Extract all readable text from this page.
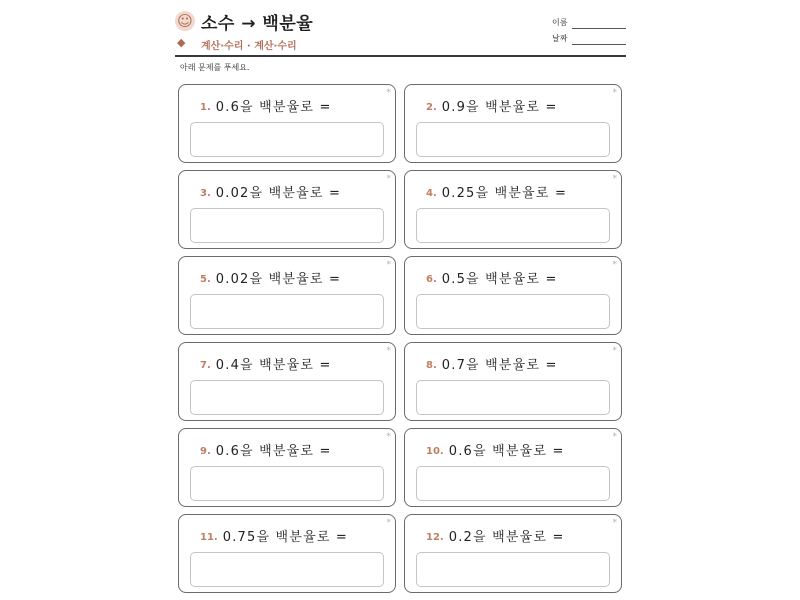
☺ 소수 → 백분율
◆ 계산·수리 · 계산·수리
이름
날짜
아래 문제를 푸세요.
*
1. 0.6을 백분율로 =
*
2. 0.9을 백분율로 =
*
3. 0.02을 백분율로 =
*
4. 0.25을 백분율로 =
*
5. 0.02을 백분율로 =
*
6. 0.5을 백분율로 =
*
7. 0.4을 백분율로 =
*
8. 0.7을 백분율로 =
*
9. 0.6을 백분율로 =
*
10. 0.6을 백분율로 =
*
11. 0.75을 백분율로 =
*
12. 0.2을 백분율로 =
